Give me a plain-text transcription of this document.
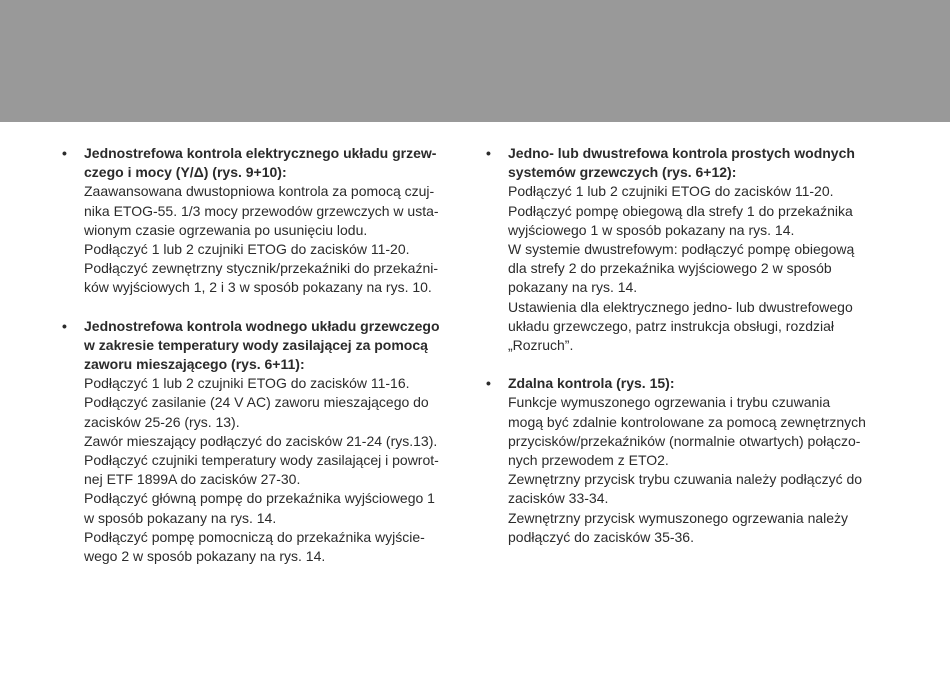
• Jednostrefowa kontrola elektrycznego układu grzew-
czego i mocy (Y/Δ) (rys. 9+10):
Zaawansowana dwustopniowa kontrola za pomocą czuj-
nika ETOG-55. 1/3 mocy przewodów grzewczych w usta-
wionym czasie ogrzewania po usunięciu lodu.
Podłączyć 1 lub 2 czujniki ETOG do zacisków 11-20.
Podłączyć zewnętrzny stycznik/przekaźniki do przekaźni-
ków wyjściowych 1, 2 i 3 w sposób pokazany na rys. 10.
• Jednostrefowa kontrola wodnego układu grzewczego
w zakresie temperatury wody zasilającej za pomocą
zaworu mieszającego (rys. 6+11):
Podłączyć 1 lub 2 czujniki ETOG do zacisków 11-16.
Podłączyć zasilanie (24 V AC) zaworu mieszającego do
zacisków 25-26 (rys. 13).
Zawór mieszający podłączyć do zacisków 21-24 (rys.13).
Podłączyć czujniki temperatury wody zasilającej i powrot-
nej ETF 1899A do zacisków 27-30.
Podłączyć główną pompę do przekaźnika wyjściowego 1
w sposób pokazany na rys. 14.
Podłączyć pompę pomocniczą do przekaźnika wyjście-
wego 2 w sposób pokazany na rys. 14.
• Jedno- lub dwustrefowa kontrola prostych wodnych
systemów grzewczych (rys. 6+12):
Podłączyć 1 lub 2 czujniki ETOG do zacisków 11-20.
Podłączyć pompę obiegową dla strefy 1 do przekaźnika
wyjściowego 1 w sposób pokazany na rys. 14.
W systemie dwustrefowym: podłączyć pompę obiegową
dla strefy 2 do przekaźnika wyjściowego 2 w sposób
pokazany na rys. 14.
Ustawienia dla elektrycznego jedno- lub dwustrefowego
układu grzewczego, patrz instrukcja obsługi, rozdział
„Rozruch”.
• Zdalna kontrola (rys. 15):
Funkcje wymuszonego ogrzewania i trybu czuwania
mogą być zdalnie kontrolowane za pomocą zewnętrznych
przycisków/przekaźników (normalnie otwartych) połączo-
nych przewodem z ETO2.
Zewnętrzny przycisk trybu czuwania należy podłączyć do
zacisków 33-34.
Zewnętrzny przycisk wymuszonego ogrzewania należy
podłączyć do zacisków 35-36.
